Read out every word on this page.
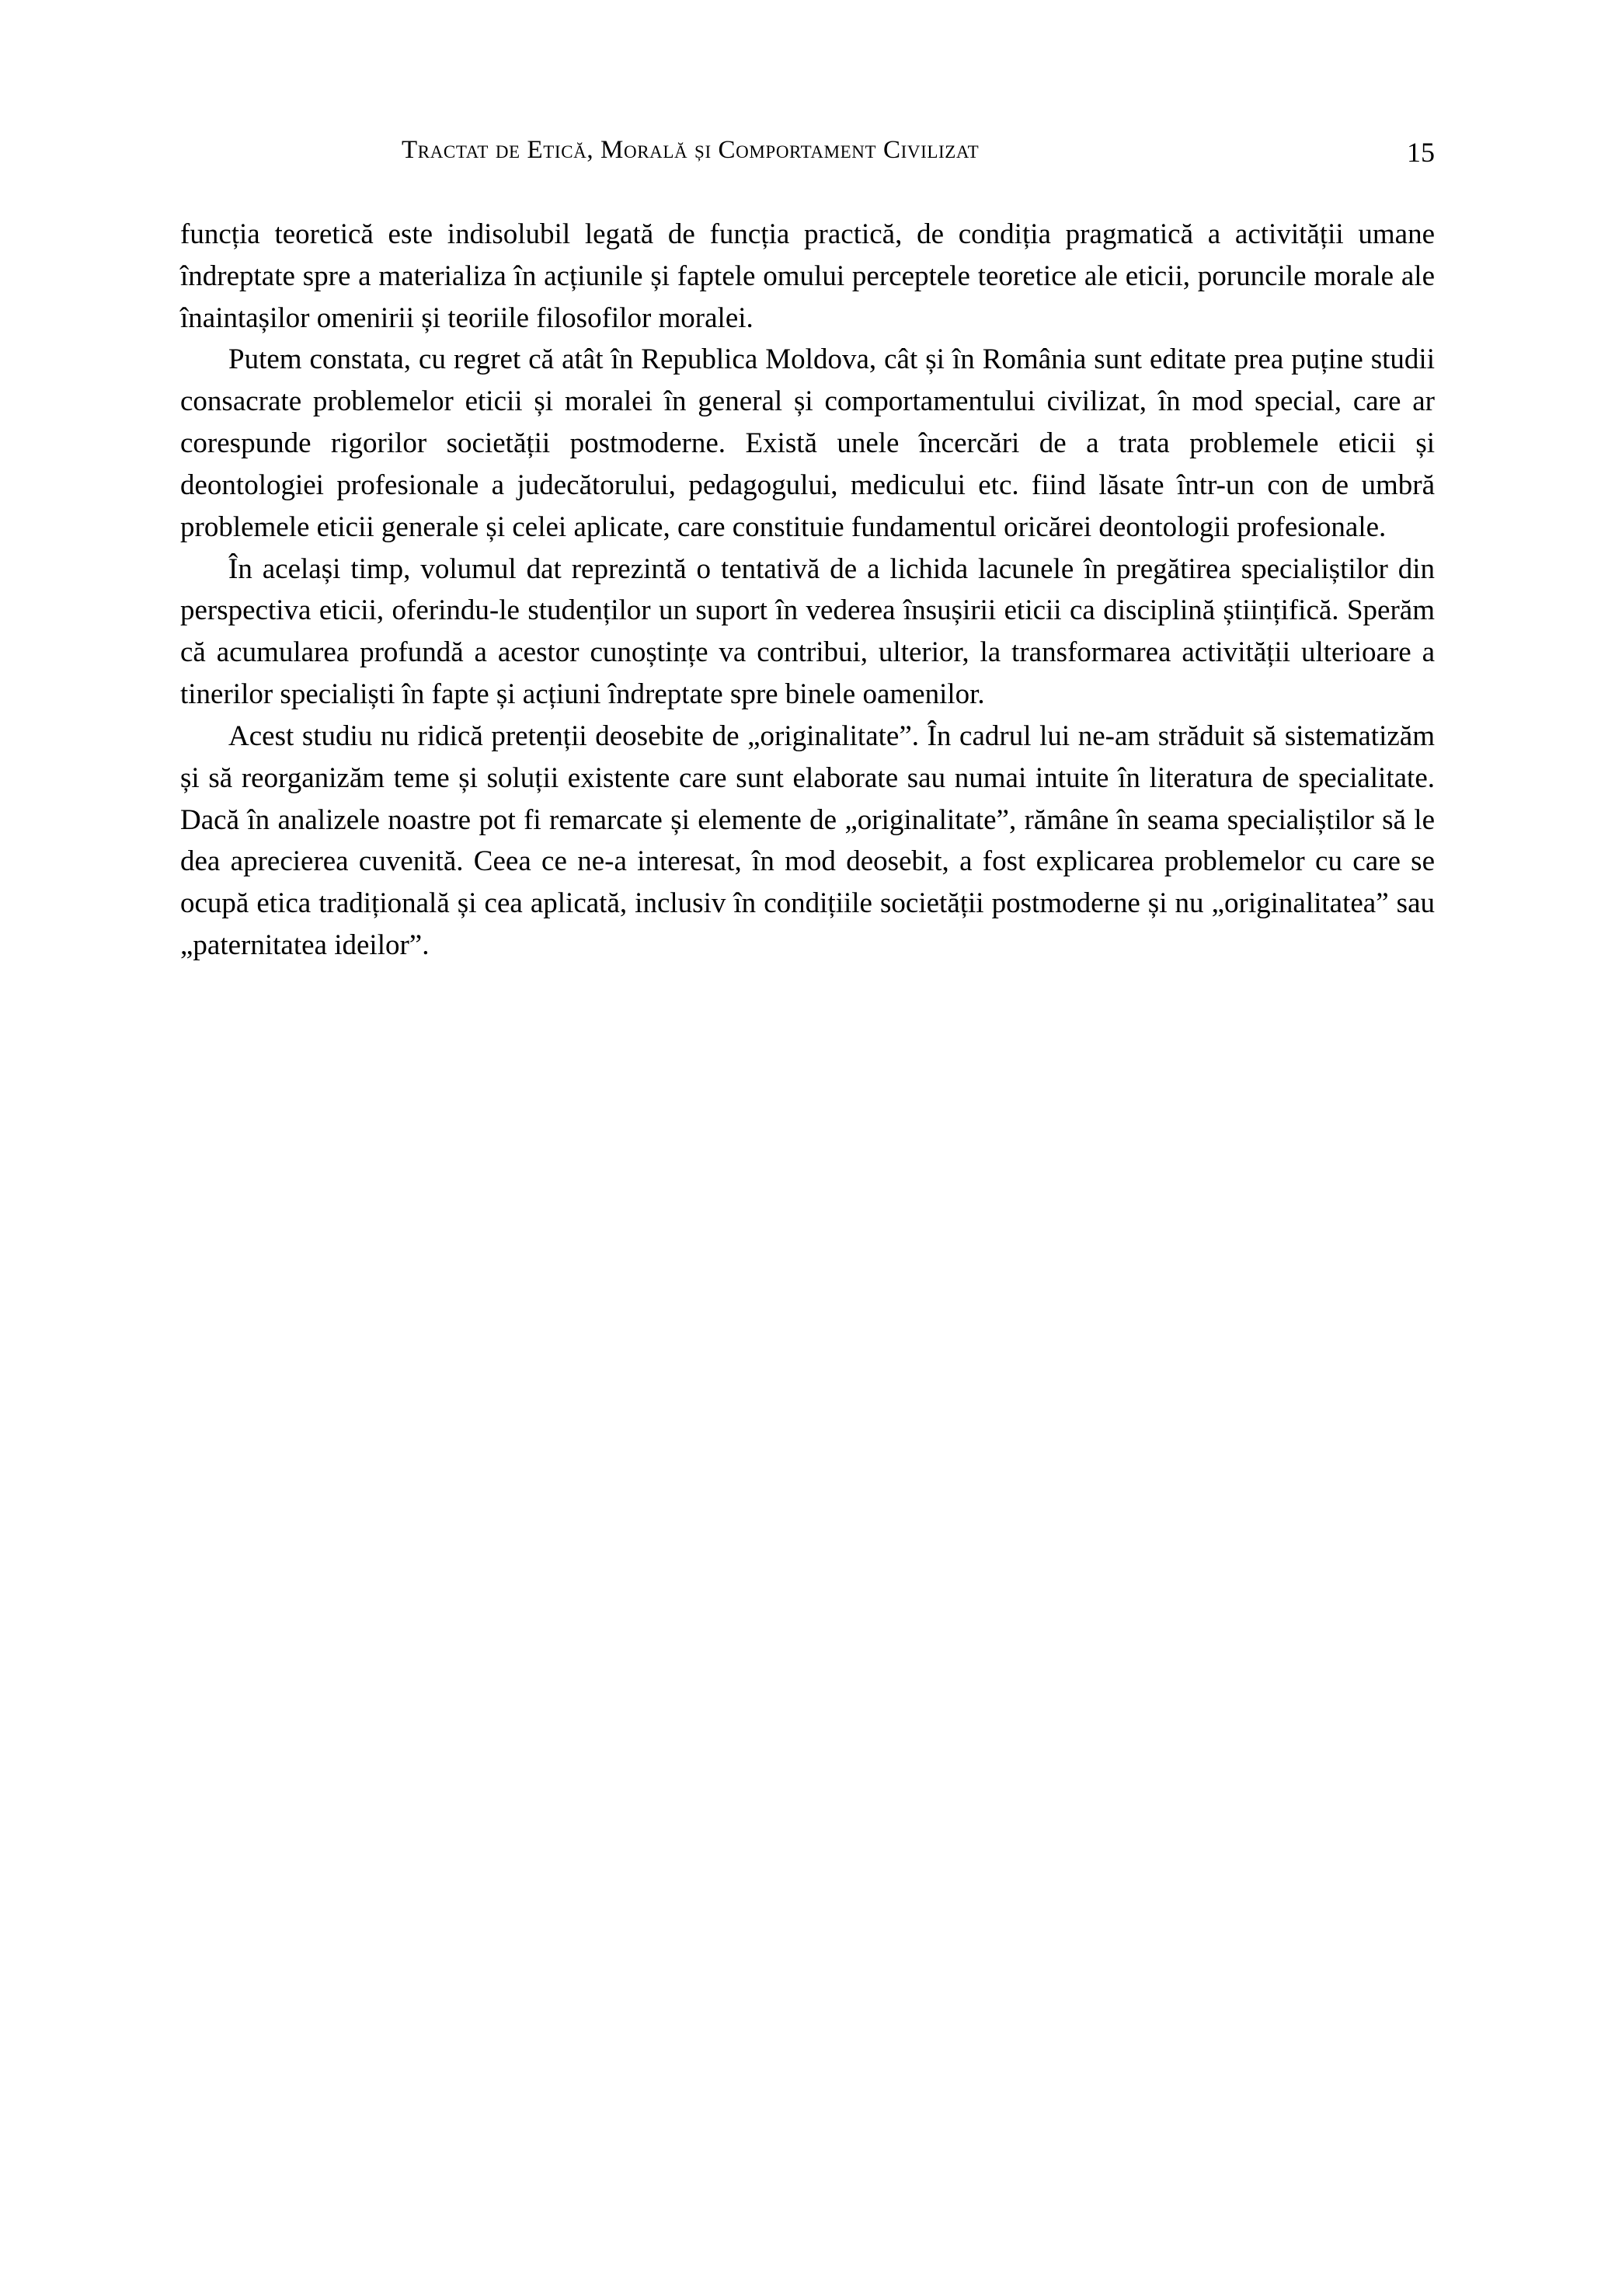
Tractat de Etică, Morală și Comportament Civilizat	15

funcția teoretică este indisolubil legată de funcția practică, de condiția pragmatică a activității umane îndreptate spre a materializa în acțiunile și faptele omului perceptele teoretice ale eticii, poruncile morale ale înaintașilor omenirii și teoriile filosofilor moralei.

Putem constata, cu regret că atât în Republica Moldova, cât și în România sunt editate prea puține studii consacrate problemelor eticii și moralei în general și comportamentului civilizat, în mod special, care ar corespunde rigorilor societății postmoderne. Există unele încercări de a trata problemele eticii și deontologiei profesionale a judecătorului, pedagogului, medicului etc. fiind lăsate într-un con de umbră problemele eticii generale și celei aplicate, care constituie fundamentul oricărei deontologii profesionale.

În același timp, volumul dat reprezintă o tentativă de a lichida lacunele în pregătirea specialiștilor din perspectiva eticii, oferindu-le studenților un suport în vederea însușirii eticii ca disciplină științifică. Sperăm că acumularea profundă a acestor cunoștințe va contribui, ulterior, la transformarea activității ulterioare a tinerilor specialiști în fapte și acțiuni îndreptate spre binele oamenilor.

Acest studiu nu ridică pretenții deosebite de „originalitate”. În cadrul lui ne-am străduit să sistematizăm și să reorganizăm teme și soluții existente care sunt elaborate sau numai intuite în literatura de specialitate. Dacă în analizele noastre pot fi remarcate și elemente de „originalitate”, rămâne în seama specialiștilor să le dea aprecierea cuvenită. Ceea ce ne-a interesat, în mod deosebit, a fost explicarea problemelor cu care se ocupă etica tradițională și cea aplicată, inclusiv în condițiile societății postmoderne și nu „originalitatea” sau „paternitatea ideilor”.
